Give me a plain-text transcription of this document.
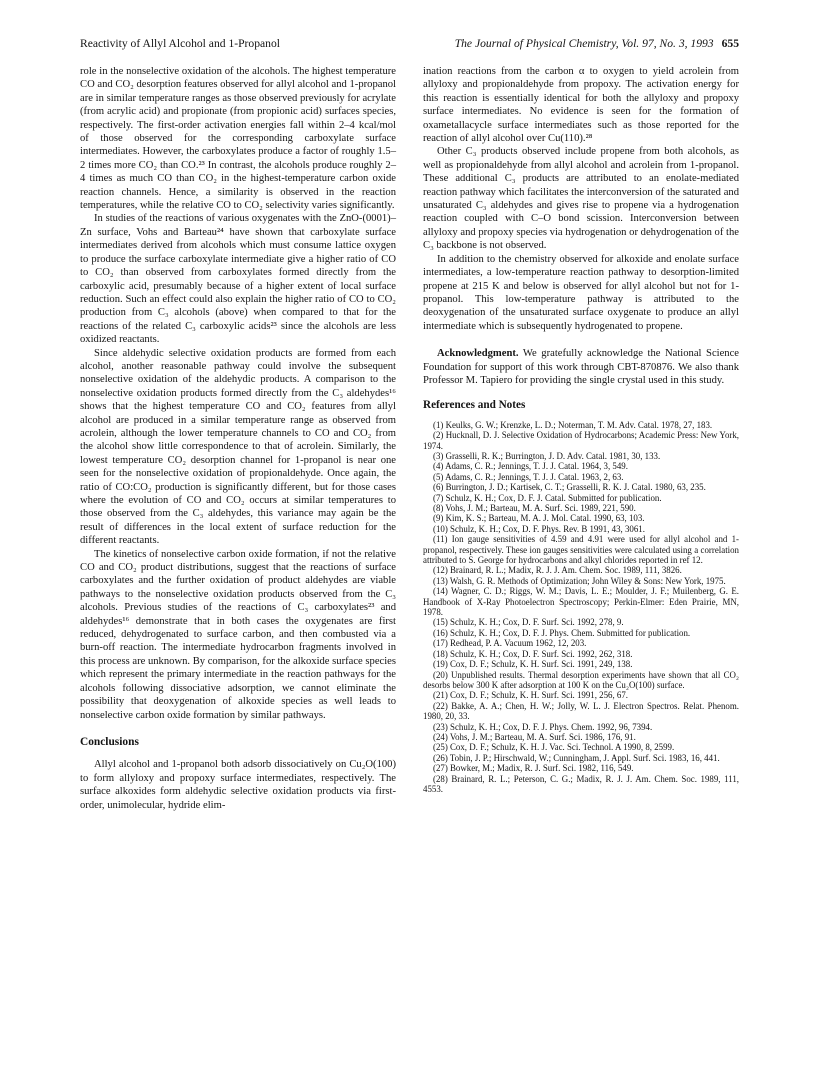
Reactivity of Allyl Alcohol and 1-Propanol	The Journal of Physical Chemistry, Vol. 97, No. 3, 1993 655

role in the nonselective oxidation of the alcohols. The highest temperature CO and CO₂ desorption features observed for allyl alcohol and 1-propanol are in similar temperature ranges as those observed previously for acrylate (from acrylic acid) and propionate (from propionic acid) surfaces species, respectively. The first-order activation energies fall within 2–4 kcal/mol of those observed for the corresponding carboxylate surface intermediates. However, the carboxylates produce a factor of roughly 1.5–2 times more CO₂ than CO.²³ In contrast, the alcohols produce roughly 2–4 times as much CO than CO₂ in the highest-temperature carbon oxide reaction channels. Hence, a similarity is observed in the reaction temperatures, while the relative CO to CO₂ selectivity varies significantly.

In studies of the reactions of various oxygenates with the ZnO-(0001)–Zn surface, Vohs and Barteau²⁴ have shown that carboxylate surface intermediates derived from alcohols which must consume lattice oxygen to produce the surface carboxylate intermediate give a higher ratio of CO to CO₂ than observed from carboxylates formed directly from the carboxylic acid, presumably because of a higher extent of local surface reduction. Such an effect could also explain the higher ratio of CO to CO₂ production from C₃ alcohols (above) when compared to that for the reactions of the related C₃ carboxylic acids²³ since the alcohols are less oxidized reactants.

Since aldehydic selective oxidation products are formed from each alcohol, another reasonable pathway could involve the subsequent nonselective oxidation of the aldehydic products. A comparison to the nonselective oxidation products formed directly from the C₃ aldehydes¹⁶ shows that the highest temperature CO and CO₂ features from allyl alcohol are produced in a similar temperature range as observed from acrolein, although the lower temperature channels to CO and CO₂ from the alcohol show little correspondence to that of acrolein. Similarly, the lowest temperature CO₂ desorption channel for 1-propanol is near one seen for the nonselective oxidation of propionaldehyde. Once again, the ratio of CO:CO₂ production is significantly different, but for those cases where the evolution of CO and CO₂ occurs at similar temperatures to those observed from the C₃ aldehydes, this variance may again be the result of differences in the local extent of surface reduction for the different reactants.

The kinetics of nonselective carbon oxide formation, if not the relative CO and CO₂ product distributions, suggest that the reactions of surface carboxylates and the further oxidation of product aldehydes are viable pathways to the nonselective oxidation products observed from the C₃ alcohols. Previous studies of the reactions of C₃ carboxylates²³ and aldehydes¹⁶ demonstrate that in both cases the oxygenates are first reduced, dehydrogenated to surface carbon, and then combusted via a burn-off reaction. The intermediate hydrocarbon fragments involved in this process are unknown. By comparison, for the alkoxide surface species which represent the primary intermediate in the reaction pathways for the alcohols following dissociative adsorption, we cannot eliminate the possibility that deoxygenation of alkoxide species as well leads to nonselective carbon oxide formation by similar pathways.

Conclusions

Allyl alcohol and 1-propanol both adsorb dissociatively on Cu₂O(100) to form allyloxy and propoxy surface intermediates, respectively. The surface alkoxides form aldehydic selective oxidation products via first-order, unimolecular, hydride elim-

ination reactions from the carbon α to oxygen to yield acrolein from allyloxy and propionaldehyde from propoxy. The activation energy for this reaction is essentially identical for both the allyloxy and propoxy surface intermediates. No evidence is seen for the formation of oxametallacycle surface intermediates such as those reported for the reaction of allyl alcohol over Cu(110).²⁸

Other C₃ products observed include propene from both alcohols, as well as propionaldehyde from allyl alcohol and acrolein from 1-propanol. These additional C₃ products are attributed to an enolate-mediated reaction pathway which facilitates the interconversion of the saturated and unsaturated C₃ aldehydes and gives rise to propene via a hydrogenation reaction coupled with C–O bond scission. Interconversion between allyloxy and propoxy species via hydrogenation or dehydrogenation of the C₃ backbone is not observed.

In addition to the chemistry observed for alkoxide and enolate surface intermediates, a low-temperature reaction pathway to desorption-limited propene at 215 K and below is observed for allyl alcohol but not for 1-propanol. This low-temperature pathway is attributed to the deoxygenation of the unsaturated surface oxygenate to produce an allyl intermediate which is subsequently hydrogenated to propene.

Acknowledgment. We gratefully acknowledge the National Science Foundation for support of this work through CBT-870876. We also thank Professor M. Tapiero for providing the single crystal used in this study.

References and Notes
(1) Keulks, G. W.; Krenzke, L. D.; Noterman, T. M. Adv. Catal. 1978, 27, 183.
(2) Hucknall, D. J. Selective Oxidation of Hydrocarbons; Academic Press: New York, 1974.
(3) Grasselli, R. K.; Burrington, J. D. Adv. Catal. 1981, 30, 133.
(4) Adams, C. R.; Jennings, T. J. J. Catal. 1964, 3, 549.
(5) Adams, C. R.; Jennings, T. J. J. Catal. 1963, 2, 63.
(6) Burrington, J. D.; Kartisek, C. T.; Grasselli, R. K. J. Catal. 1980, 63, 235.
(7) Schulz, K. H.; Cox, D. F. J. Catal. Submitted for publication.
(8) Vohs, J. M.; Barteau, M. A. Surf. Sci. 1989, 221, 590.
(9) Kim, K. S.; Barteau, M. A. J. Mol. Catal. 1990, 63, 103.
(10) Schulz, K. H.; Cox, D. F. Phys. Rev. B 1991, 43, 3061.
(11) Ion gauge sensitivities of 4.59 and 4.91 were used for allyl alcohol and 1-propanol, respectively. These ion gauges sensitivities were calculated using a correlation attributed to S. George for hydrocarbons and alkyl chlorides reported in ref 12.
(12) Brainard, R. L.; Madix, R. J. J. Am. Chem. Soc. 1989, 111, 3826.
(13) Walsh, G. R. Methods of Optimization; John Wiley & Sons: New York, 1975.
(14) Wagner, C. D.; Riggs, W. M.; Davis, L. E.; Moulder, J. F.; Muilenberg, G. E. Handbook of X-Ray Photoelectron Spectroscopy; Perkin-Elmer: Eden Prairie, MN, 1978.
(15) Schulz, K. H.; Cox, D. F. Surf. Sci. 1992, 278, 9.
(16) Schulz, K. H.; Cox, D. F. J. Phys. Chem. Submitted for publication.
(17) Redhead, P. A. Vacuum 1962, 12, 203.
(18) Schulz, K. H.; Cox, D. F. Surf. Sci. 1992, 262, 318.
(19) Cox, D. F.; Schulz, K. H. Surf. Sci. 1991, 249, 138.
(20) Unpublished results. Thermal desorption experiments have shown that all CO₂ desorbs below 300 K after adsorption at 100 K on the Cu₂O(100) surface.
(21) Cox, D. F.; Schulz, K. H. Surf. Sci. 1991, 256, 67.
(22) Bakke, A. A.; Chen, H. W.; Jolly, W. L. J. Electron Spectros. Relat. Phenom. 1980, 20, 33.
(23) Schulz, K. H.; Cox, D. F. J. Phys. Chem. 1992, 96, 7394.
(24) Vohs, J. M.; Barteau, M. A. Surf. Sci. 1986, 176, 91.
(25) Cox, D. F.; Schulz, K. H. J. Vac. Sci. Technol. A 1990, 8, 2599.
(26) Tobin, J. P.; Hirschwald, W.; Cunningham, J. Appl. Surf. Sci. 1983, 16, 441.
(27) Bowker, M.; Madix, R. J. Surf. Sci. 1982, 116, 549.
(28) Brainard, R. L.; Peterson, C. G.; Madix, R. J. J. Am. Chem. Soc. 1989, 111, 4553.
